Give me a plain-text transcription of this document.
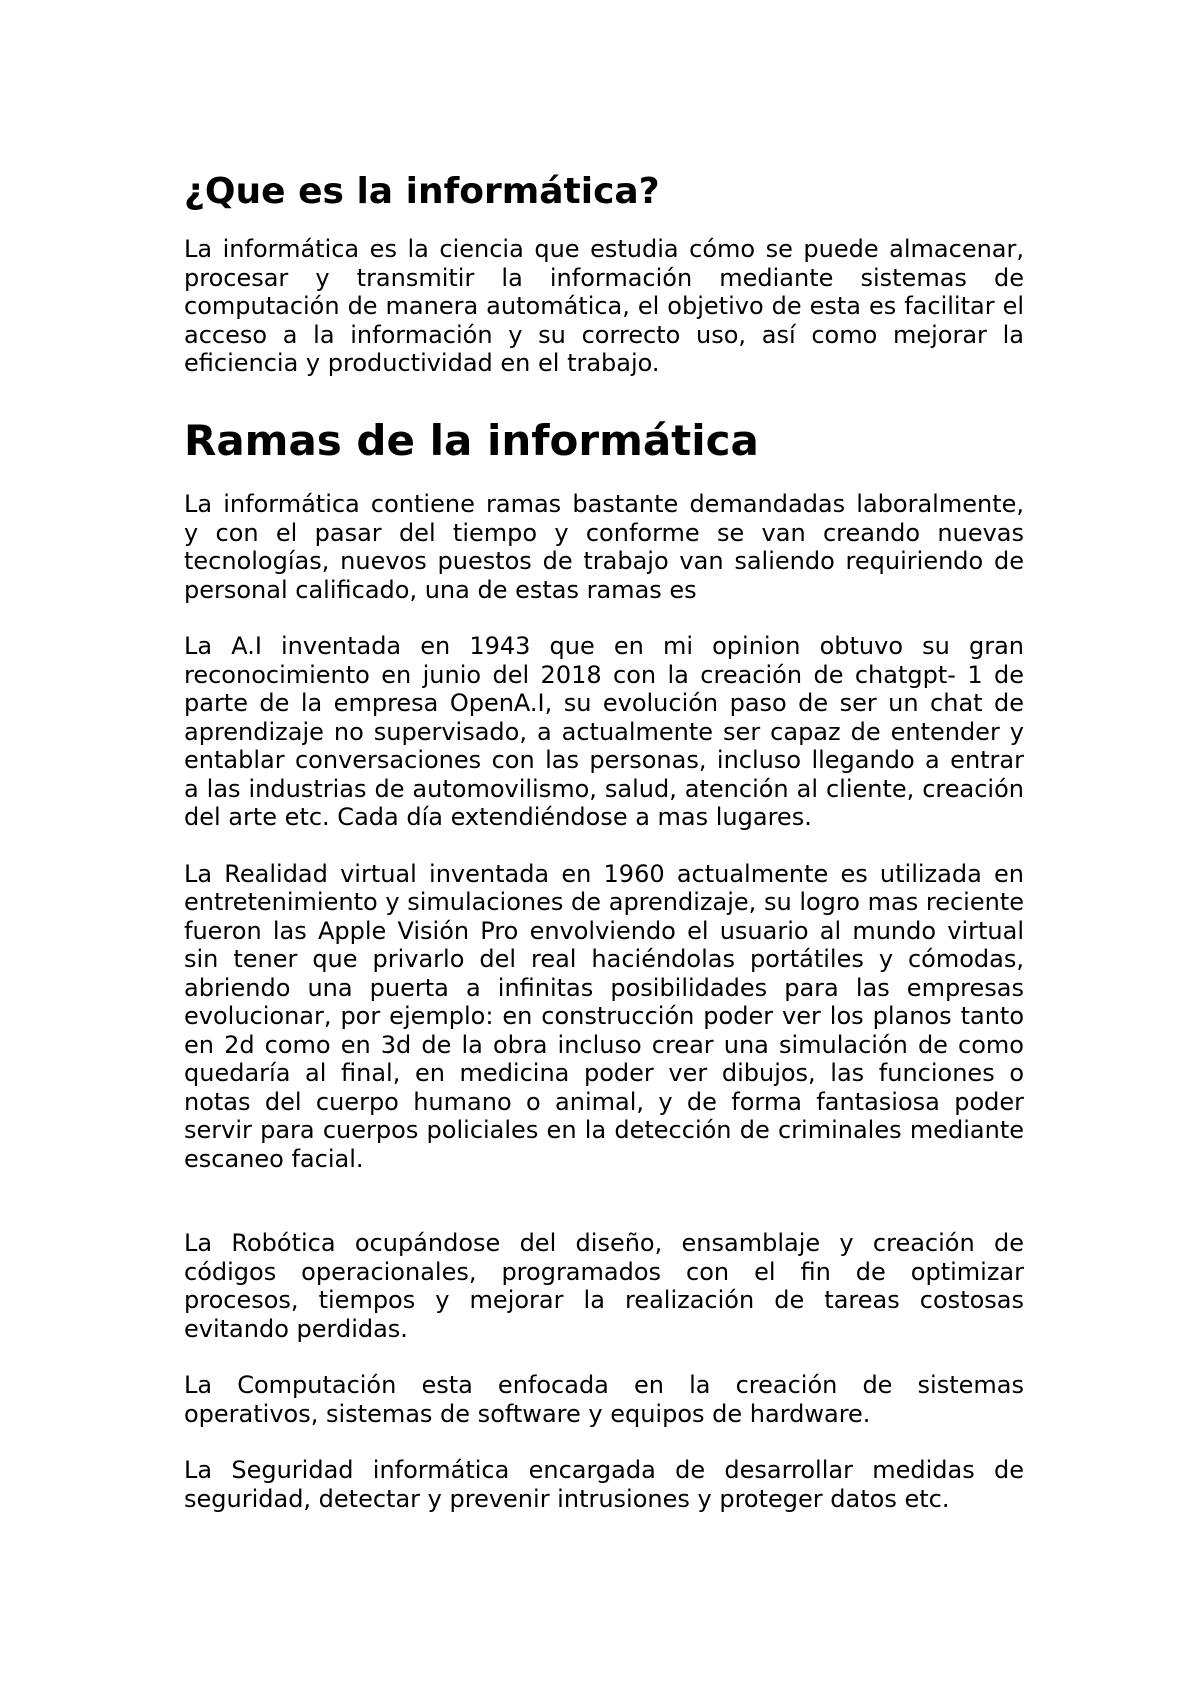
¿Que es la informática?

La informática es la ciencia que estudia cómo se puede almacenar, procesar y transmitir la información mediante sistemas de computación de manera automática, el objetivo de esta es facilitar el acceso a la información y su correcto uso, así como mejorar la eficiencia y productividad en el trabajo.

Ramas de la informática

La informática contiene ramas bastante demandadas laboralmente, y con el pasar del tiempo y conforme se van creando nuevas tecnologías, nuevos puestos de trabajo van saliendo requiriendo de personal calificado, una de estas ramas es

La A.I inventada en 1943 que en mi opinion obtuvo su gran reconocimiento en junio del 2018 con la creación de chatgpt- 1 de parte de la empresa OpenA.I, su evolución paso de ser un chat de aprendizaje no supervisado, a actualmente ser capaz de entender y entablar conversaciones con las personas, incluso llegando a entrar a las industrias de automovilismo, salud, atención al cliente, creación del arte etc. Cada día extendiéndose a mas lugares.

La Realidad virtual inventada en 1960 actualmente es utilizada en entretenimiento y simulaciones de aprendizaje, su logro mas reciente fueron las Apple Visión Pro envolviendo el usuario al mundo virtual sin tener que privarlo del real haciéndolas portátiles y cómodas, abriendo una puerta a infinitas posibilidades para las empresas evolucionar, por ejemplo: en construcción poder ver los planos tanto en 2d como en 3d de la obra incluso crear una simulación de como quedaría al final, en medicina poder ver dibujos, las funciones o notas del cuerpo humano o animal, y de forma fantasiosa poder servir para cuerpos policiales en la detección de criminales mediante escaneo facial.

La Robótica ocupándose del diseño, ensamblaje y creación de códigos operacionales, programados con el fin de optimizar procesos, tiempos y mejorar la realización de tareas costosas evitando perdidas.

La Computación esta enfocada en la creación de sistemas operativos, sistemas de software y equipos de hardware.

La Seguridad informática encargada de desarrollar medidas de seguridad, detectar y prevenir intrusiones y proteger datos etc.
